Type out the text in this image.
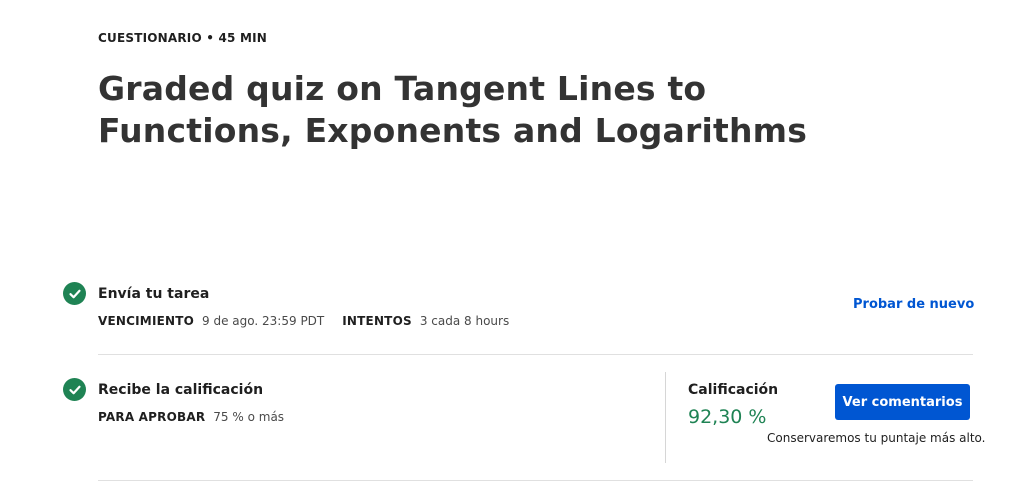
CUESTIONARIO • 45 MIN
Graded quiz on Tangent Lines to Functions, Exponents and Logarithms
Envía tu tarea
VENCIMIENTO 9 de ago. 23:59 PDT INTENTOS 3 cada 8 hours
Probar de nuevo
Recibe la calificación
PARA APROBAR 75 % o más
Calificación
92,30 %
Ver comentarios
Conservaremos tu puntaje más alto.
